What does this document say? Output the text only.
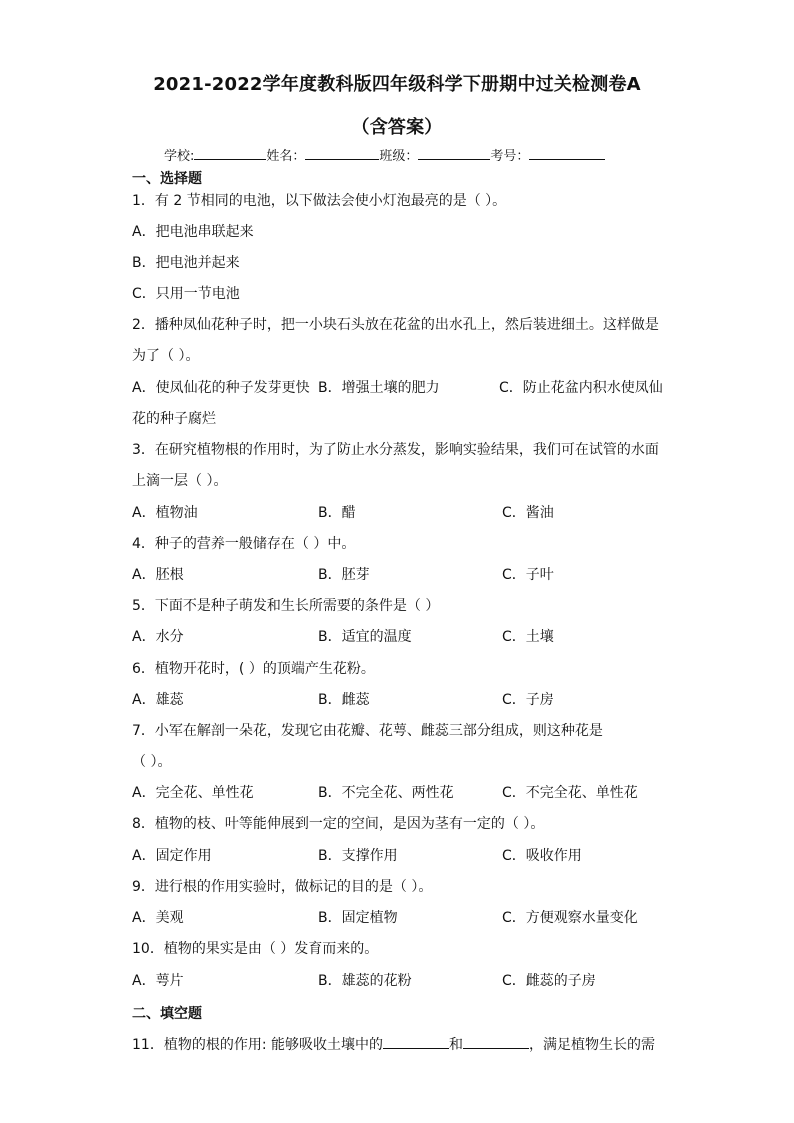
2021-2022学年度教科版四年级科学下册期中过关检测卷A
（含答案）
学校:	姓名：	班级：	考号：
一、选择题
1．有 2 节相同的电池，以下做法会使小灯泡最亮的是（ ）。
A．把电池串联起来
B．把电池并起来
C．只用一节电池
2．播种凤仙花种子时，把一小块石头放在花盆的出水孔上，然后装进细土。这样做是
为了（ ）。
A．使凤仙花的种子发芽更快 B．增强土壤的肥力	C．防止花盆内积水使凤仙
花的种子腐烂
3．在研究植物根的作用时，为了防止水分蒸发，影响实验结果，我们可在试管的水面
上滴一层（ ）。
A．植物油	B．醋	C．酱油
4．种子的营养一般储存在（ ）中。
A．胚根	B．胚芽	C．子叶
5．下面不是种子萌发和生长所需要的条件是（ ）
A．水分	B．适宜的温度	C．土壤
6．植物开花时，( ）的顶端产生花粉。
A．雄蕊	B．雌蕊	C．子房
7．小军在解剖一朵花，发现它由花瓣、花萼、雌蕊三部分组成，则这种花是
（ ）。
A．完全花、单性花	B．不完全花、两性花	C．不完全花、单性花
8．植物的枝、叶等能伸展到一定的空间，是因为茎有一定的（ ）。
A．固定作用	B．支撑作用	C．吸收作用
9．进行根的作用实验时，做标记的目的是（ ）。
A．美观	B．固定植物	C．方便观察水量变化
10．植物的果实是由（ ）发育而来的。
A．萼片	B．雄蕊的花粉	C．雌蕊的子房
二、填空题
11．植物的根的作用: 能够吸收土壤中的	和	，满足植物生长的需
